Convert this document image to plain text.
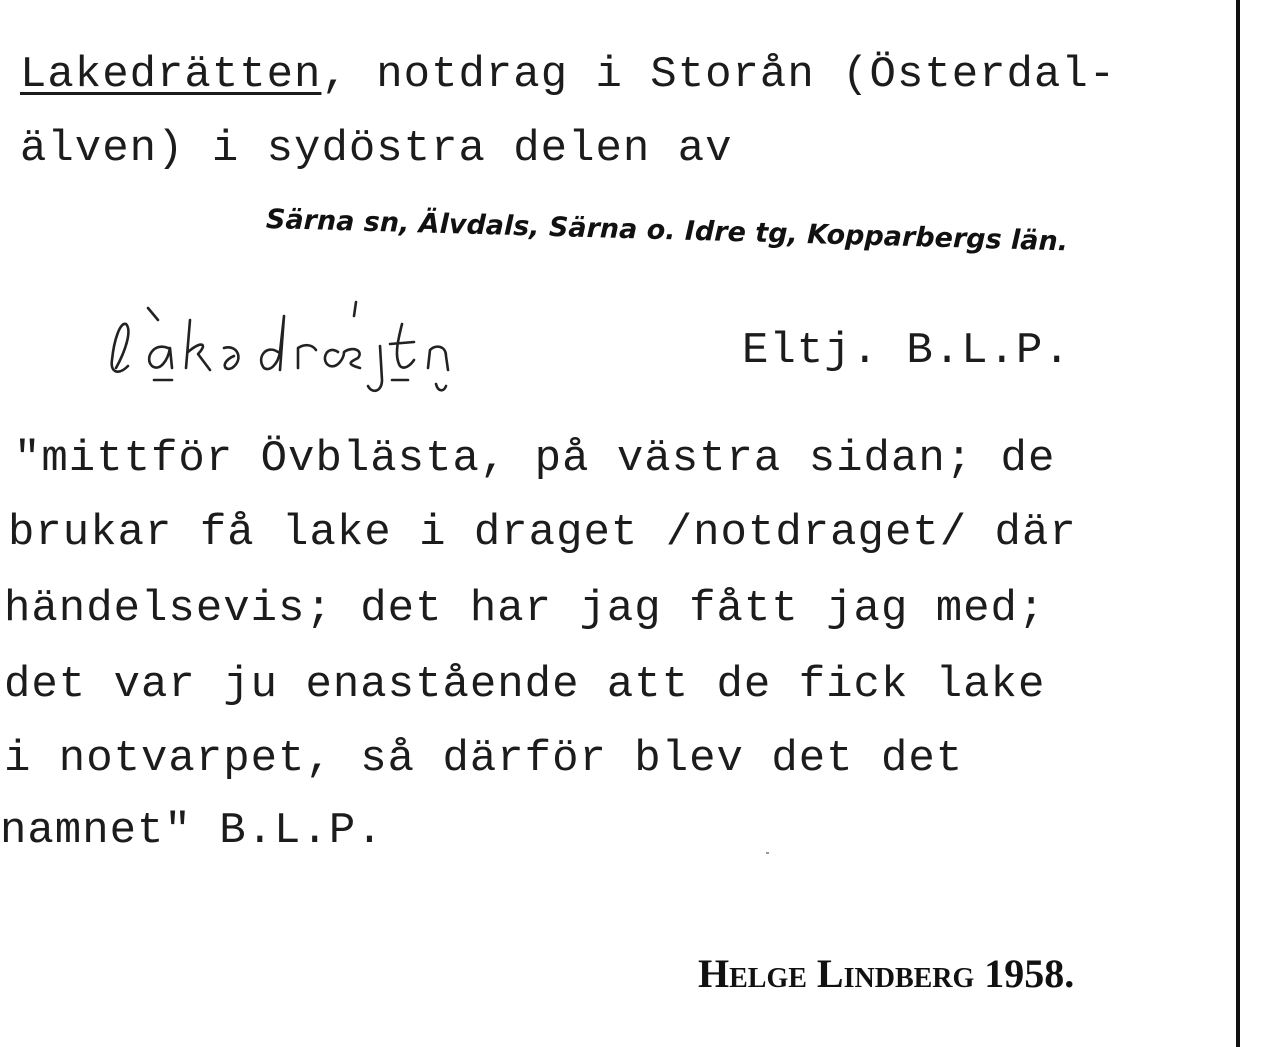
Lakedrätten, notdrag i Storån (Österdal-
älven) i sydöstra delen av
Särna sn, Älvdals, Särna o. Idre tg, Kopparbergs län.
Eltj. B.L.P.
"mittför Övblästa, på västra sidan; de
brukar få lake i draget /notdraget/ där
händelsevis; det har jag fått jag med;
det var ju enastående att de fick lake
i notvarpet, så därför blev det det
namnet" B.L.P.
Helge Lindberg 1958.
